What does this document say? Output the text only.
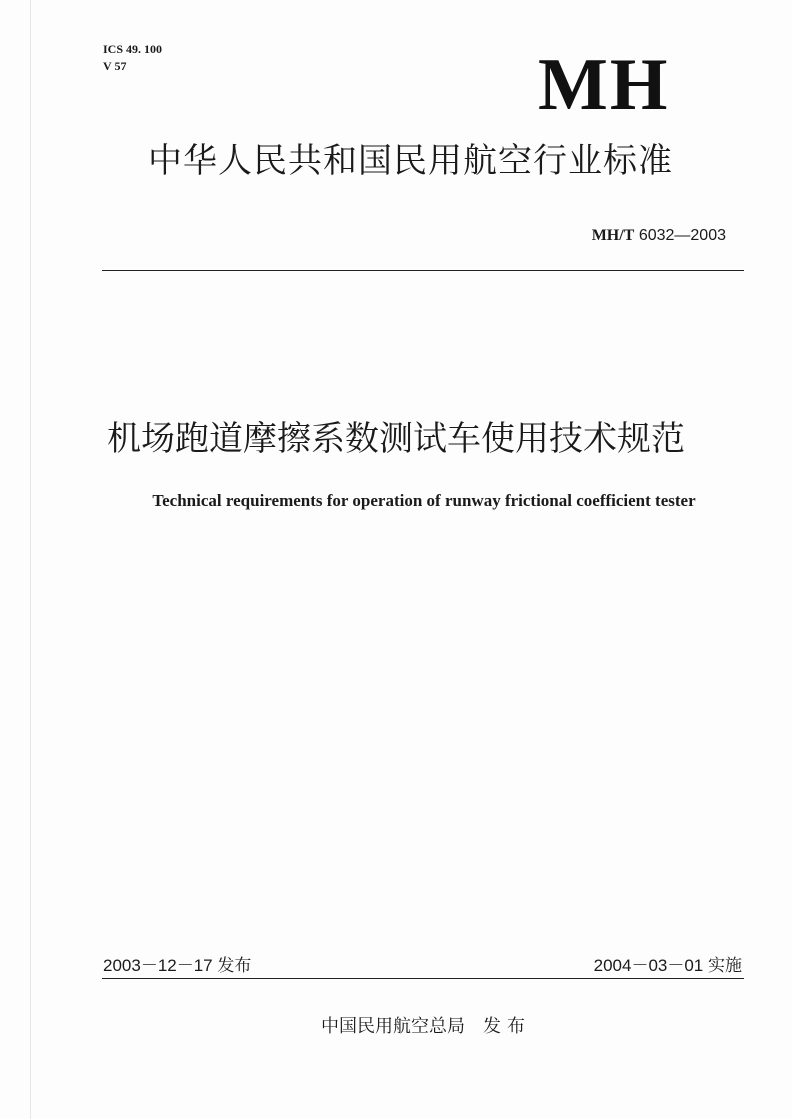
ICS 49. 100
V 57	MH
中华人民共和国民用航空行业标准
MH/T 6032—2003
机场跑道摩擦系数测试车使用技术规范
Technical requirements for operation of runway frictional coefficient tester
2003－12－17 发布	2004－03－01 实施
中国民用航空总局 发布
